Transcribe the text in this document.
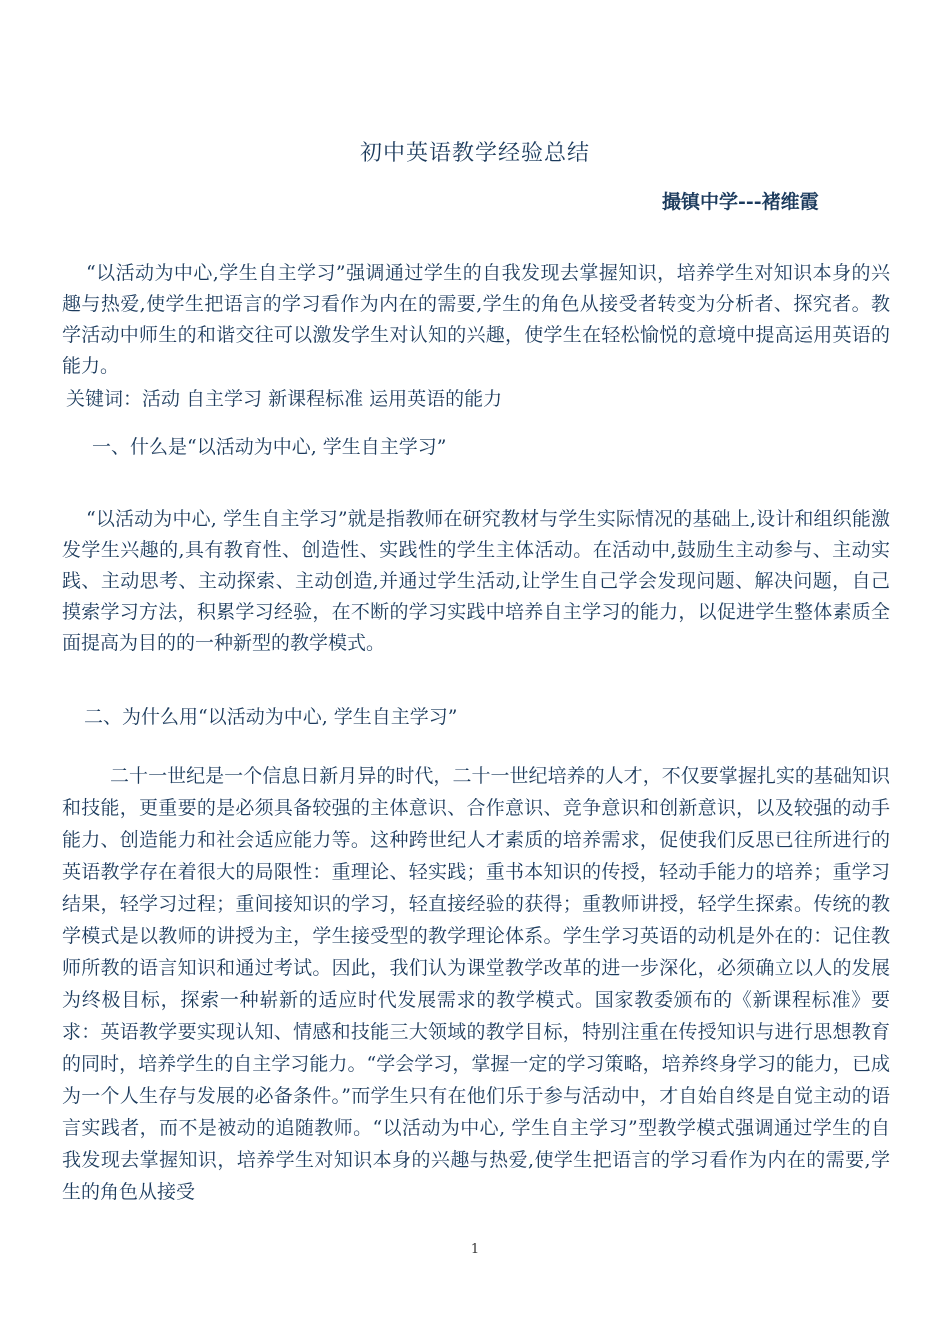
初中英语教学经验总结
撮镇中学---褚维霞
“以活动为中心,学生自主学习”强调通过学生的自我发现去掌握知识，培养学生对知识本身的兴趣与热爱,使学生把语言的学习看作为内在的需要,学生的角色从接受者转变为分析者、探究者。教学活动中师生的和谐交往可以激发学生对认知的兴趣，使学生在轻松愉悦的意境中提高运用英语的能力。
关键词：活动 自主学习 新课程标准 运用英语的能力
一、什么是“以活动为中心, 学生自主学习”
“以活动为中心, 学生自主学习”就是指教师在研究教材与学生实际情况的基础上,设计和组织能激发学生兴趣的,具有教育性、创造性、实践性的学生主体活动。在活动中,鼓励生主动参与、主动实践、主动思考、主动探索、主动创造,并通过学生活动,让学生自己学会发现问题、解决问题，自己摸索学习方法，积累学习经验，在不断的学习实践中培养自主学习的能力，以促进学生整体素质全面提高为目的的一种新型的教学模式。
二、为什么用“以活动为中心, 学生自主学习”
二十一世纪是一个信息日新月异的时代，二十一世纪培养的人才，不仅要掌握扎实的基础知识和技能，更重要的是必须具备较强的主体意识、合作意识、竞争意识和创新意识，以及较强的动手能力、创造能力和社会适应能力等。这种跨世纪人才素质的培养需求，促使我们反思已往所进行的英语教学存在着很大的局限性：重理论、轻实践；重书本知识的传授，轻动手能力的培养；重学习结果，轻学习过程；重间接知识的学习，轻直接经验的获得；重教师讲授，轻学生探索。传统的教学模式是以教师的讲授为主，学生接受型的教学理论体系。学生学习英语的动机是外在的：记住教师所教的语言知识和通过考试。因此，我们认为课堂教学改革的进一步深化，必须确立以人的发展为终极目标，探索一种崭新的适应时代发展需求的教学模式。国家教委颁布的《新课程标准》要求：英语教学要实现认知、情感和技能三大领域的教学目标，特别注重在传授知识与进行思想教育的同时，培养学生的自主学习能力。“学会学习，掌握一定的学习策略，培养终身学习的能力，已成为一个人生存与发展的必备条件。”而学生只有在他们乐于参与活动中，才自始自终是自觉主动的语言实践者，而不是被动的追随教师。“以活动为中心, 学生自主学习”型教学模式强调通过学生的自我发现去掌握知识，培养学生对知识本身的兴趣与热爱,使学生把语言的学习看作为内在的需要,学生的角色从接受
1
